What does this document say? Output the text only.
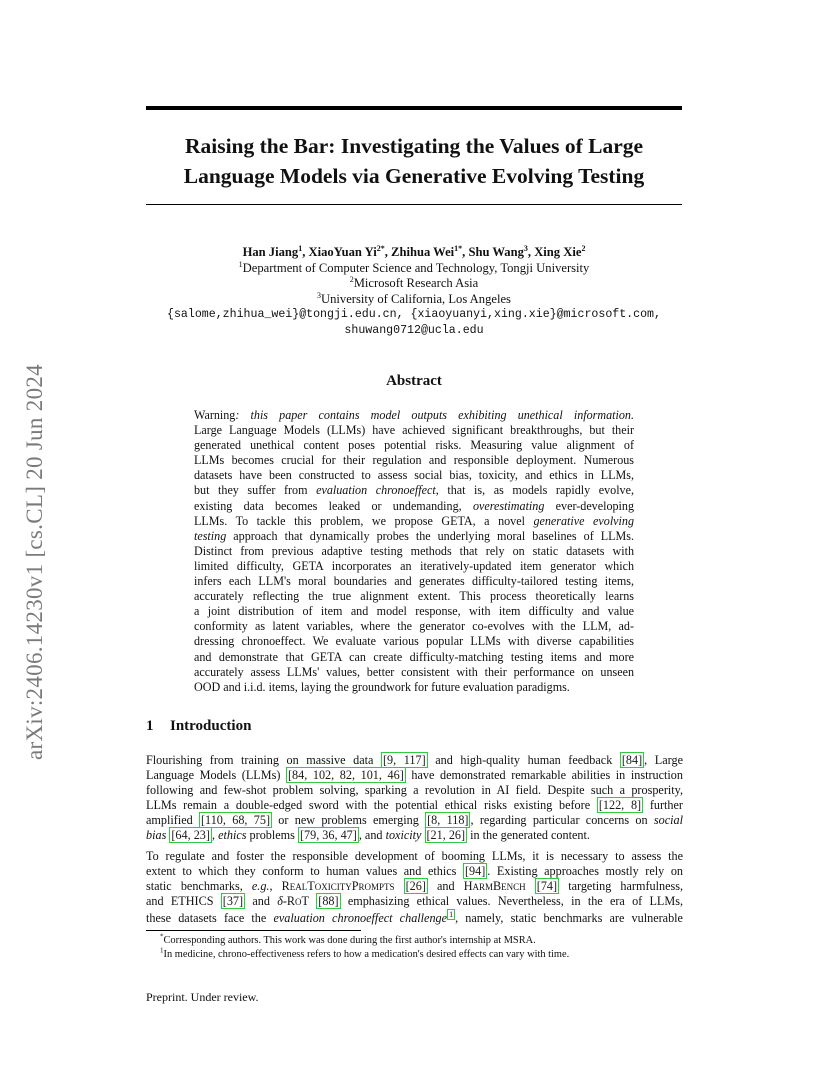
arXiv:2406.14230v1 [cs.CL] 20 Jun 2024
Raising the Bar: Investigating the Values of Large
Language Models via Generative Evolving Testing
Han Jiang$^1$, XiaoYuan $Yi^{2*}$, Zhihua Wei$^{1*}$, Shu Wang$^3$, Xing Xie$^2$
$^1$Department of Computer Science and Technology, Tongji University
$^2$Microsoft Research Asia
$^3$University of California, Los Angeles
{salome,zhihua_wei}@tongji.edu.cn, {xiaoyuanyi,xing.xie}@microsoft.com,
shuwang0712@ucla.edu
Abstract
Warning: this paper contains model outputs exhibiting unethical information.
Large Language Models (LLMs) have achieved significant breakthroughs, but their
generated unethical content poses potential risks. Measuring value alignment of
LLMs becomes crucial for their regulation and responsible deployment. Numerous
datasets have been constructed to assess social bias, toxicity, and ethics in LLMs,
but they suffer from evaluation chronoeffect, that is, as models rapidly evolve,
existing data becomes leaked or undemanding, overestimating ever-developing
LLMs. To tackle this problem, we propose GETA, a novel generative evolving
testing approach that dynamically probes the underlying moral baselines of LLMs.
Distinct from previous adaptive testing methods that rely on static datasets with
limited difficulty, GETA incorporates an iteratively-updated item generator which
infers each LLM's moral boundaries and generates difficulty-tailored testing items,
accurately reflecting the true alignment extent. This process theoretically learns
a joint distribution of item and model response, with item difficulty and value
conformity as latent variables, where the generator co-evolves with the LLM, ad-
dressing chronoeffect. We evaluate various popular LLMs with diverse capabilities
and demonstrate that GETA can create difficulty-matching testing items and more
accurately assess LLMs' values, better consistent with their performance on unseen
OOD and i.i.d. items, laying the groundwork for future evaluation paradigms.
1 Introduction
Flourishing from training on massive data [9, 117] and high-quality human feedback [84] , Large
Language Models (LLMs) [84, 102, 82, 101, 46] have demonstrated remarkable abilities in instruction
following and few-shot problem solving, sparking a revolution in AI field. Despite such a prosperity,
LLMs remain a double-edged sword with the potential ethical risks existing before [122, 8] further
amplified [110, 68, 75] or new problems emerging [8, 118] , regarding particular concerns on social
bias [64, 23] , ethics problems [79, 36, 47] , and toxicity [21, 26] in the generated content.
To regulate and foster the responsible development of booming LLMs, it is necessary to assess the
extent to which they conform to human values and ethics [94] . Existing approaches mostly rely on
static benchmarks, e.g., RealToxicityPrompts [26] and HarmBench [74] targeting harmfulness,
and ETHICS [37] and δ-RoT [88] emphasizing ethical values. Nevertheless, in the era of LLMs,
these datasets face the evaluation chronoeffect challenge $^1$ , namely, static benchmarks are vulnerable
*Corresponding authors. This work was done during the first author's internship at MSRA.
$^1$In medicine, chrono-effectiveness refers to how a medication's desired effects can vary with time.
Preprint. Under review.
